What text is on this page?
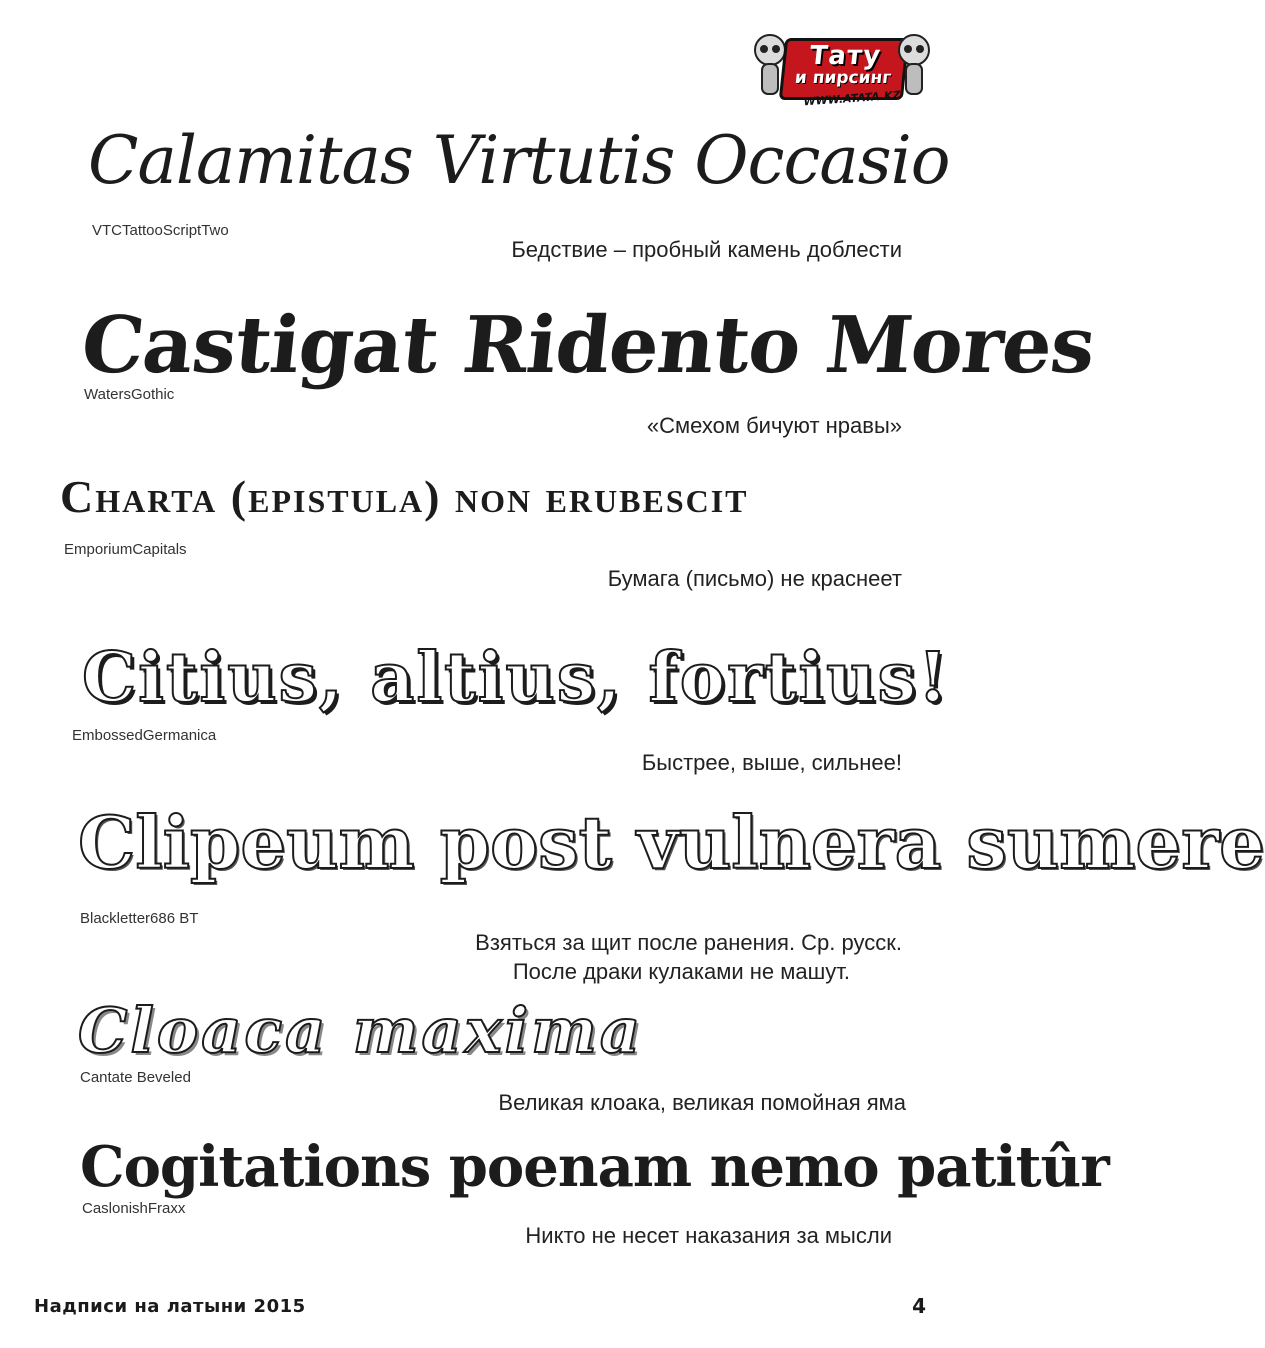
Тату
и пирсинг
WWW.ATATA.KZ
Calamitas Virtutis Occasio
VTCTattooScriptTwo
Бедствие – пробный камень доблести
Castigat Ridento Mores
WatersGothic
«Смехом бичуют нравы»
Charta (epistula) non erubescit
EmporiumCapitals
Бумага (письмо) не краснеет
Citius, altius, fortius!
EmbossedGermanica
Быстрее, выше, сильнее!
Clipeum post vulnera sumere
Blackletter686 BT
Взяться за щит после ранения. Ср. русск.
После драки кулаками не машут.
Cloaca maxima
Cantate Beveled
Великая клоака, великая помойная яма
Cogitations poenam nemo patitûr
CaslonishFraxx
Никто не несет наказания за мысли
Надписи на латыни 2015	4
